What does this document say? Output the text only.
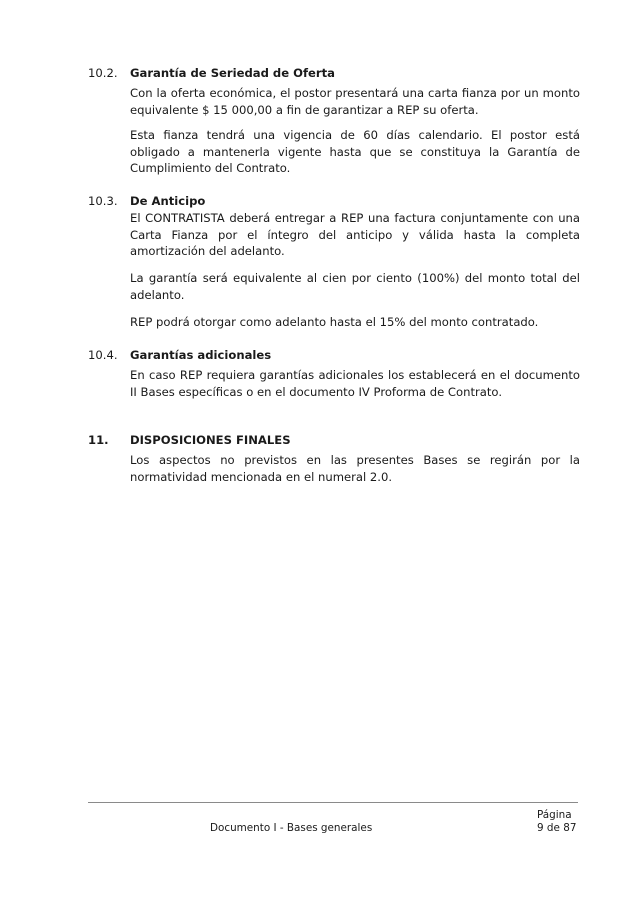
10.2.	Garantía de Seriedad de Oferta
Con la oferta económica, el postor presentará una carta fianza por un monto equivalente $ 15 000,00 a fin de garantizar a REP su oferta.
Esta fianza tendrá una vigencia de 60 días calendario. El postor está obligado a mantenerla vigente hasta que se constituya la Garantía de Cumplimiento del Contrato.
10.3.	De Anticipo
El CONTRATISTA deberá entregar a REP una factura conjuntamente con una Carta Fianza por el íntegro del anticipo y válida hasta la completa amortización del adelanto.
La garantía será equivalente al cien por ciento (100%) del monto total del adelanto.
REP podrá otorgar como adelanto hasta el 15% del monto contratado.
10.4.	Garantías adicionales
En caso REP requiera garantías adicionales los establecerá en el documento II Bases específicas o en el documento IV Proforma de Contrato.
11.	DISPOSICIONES FINALES
Los aspectos no previstos en las presentes Bases se regirán por la normatividad mencionada en el numeral 2.0.
Página
Documento I - Bases generales	9 de 87
